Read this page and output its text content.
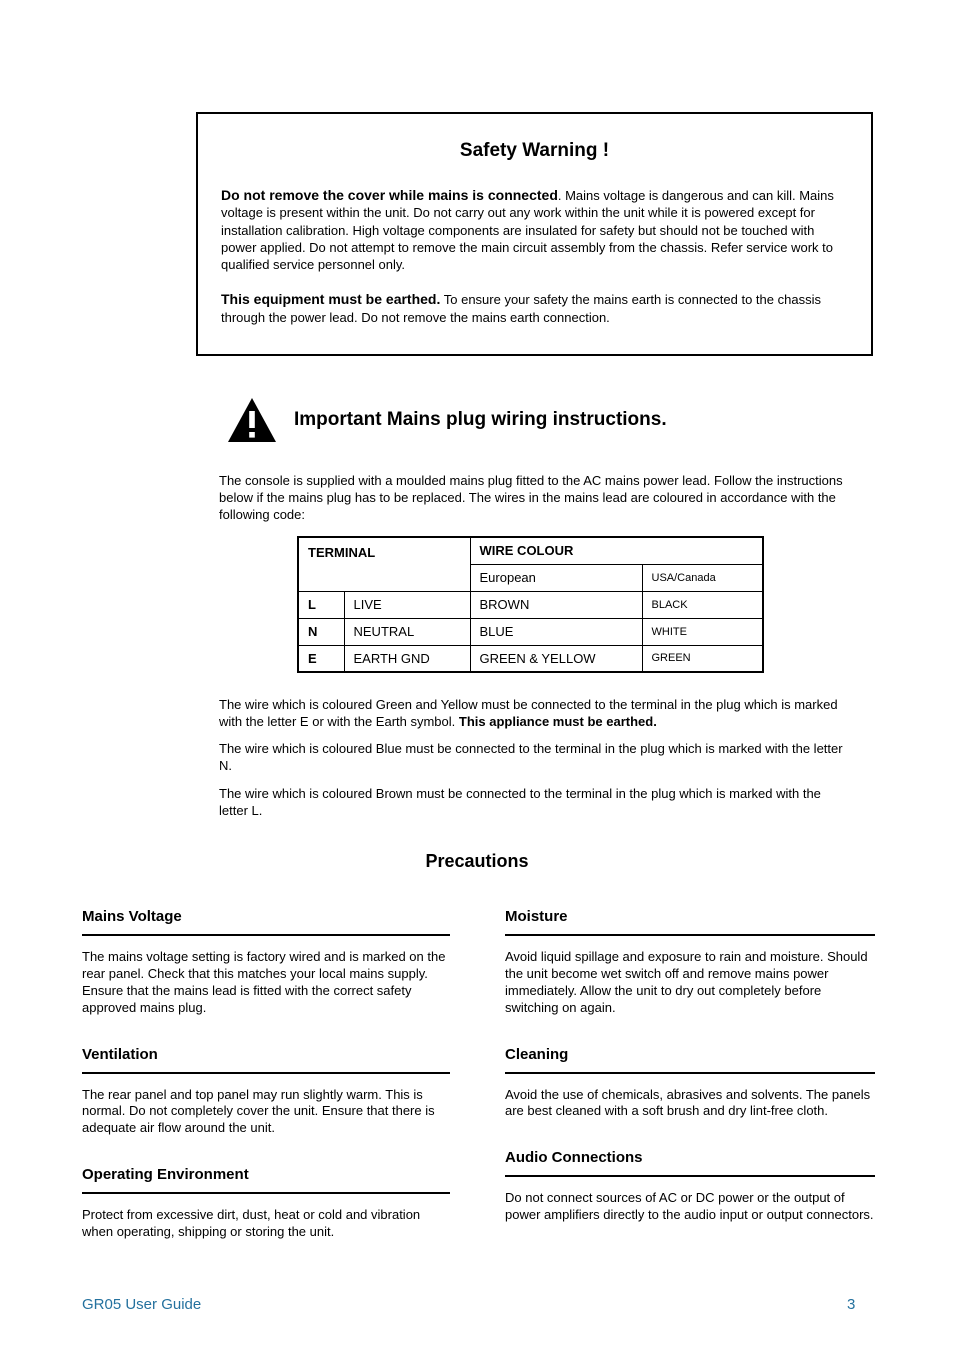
Safety Warning !

Do not remove the cover while mains is connected. Mains voltage is dangerous and can kill. Mains voltage is present within the unit. Do not carry out any work within the unit while it is powered except for installation calibration. High voltage components are insulated for safety but should not be touched with power applied. Do not attempt to remove the main circuit assembly from the chassis. Refer service work to qualified service personnel only.

This equipment must be earthed. To ensure your safety the mains earth is connected to the chassis through the power lead. Do not remove the mains earth connection.

Important Mains plug wiring instructions.

The console is supplied with a moulded mains plug fitted to the AC mains power lead. Follow the instructions below if the mains plug has to be replaced. The wires in the mains lead are coloured in accordance with the following code:

TERMINAL		WIRE COLOUR	
		European	USA/Canada
L	LIVE	BROWN	BLACK
N	NEUTRAL	BLUE	WHITE
E	EARTH GND	GREEN & YELLOW	GREEN

The wire which is coloured Green and Yellow must be connected to the terminal in the plug which is marked with the letter E or with the Earth symbol. This appliance must be earthed.

The wire which is coloured Blue must be connected to the terminal in the plug which is marked with the letter N.

The wire which is coloured Brown must be connected to the terminal in the plug which is marked with the letter L.

Precautions
Mains Voltage

The mains voltage setting is factory wired and is marked on the rear panel. Check that this matches your local mains supply. Ensure that the mains lead is fitted with the correct safety approved mains plug.

Ventilation

The rear panel and top panel may run slightly warm. This is normal. Do not completely cover the unit. Ensure that there is adequate air flow around the unit.

Operating Environment

Protect from excessive dirt, dust, heat or cold and vibration when operating, shipping or storing the unit.

Moisture

Avoid liquid spillage and exposure to rain and moisture. Should the unit become wet switch off and remove mains power immediately. Allow the unit to dry out completely before switching on again.

Cleaning

Avoid the use of chemicals, abrasives and solvents. The panels are best cleaned with a soft brush and dry lint-free cloth.

Audio Connections

Do not connect sources of AC or DC power or the output of power amplifiers directly to the audio input or output connectors.

GR05 User Guide	3
